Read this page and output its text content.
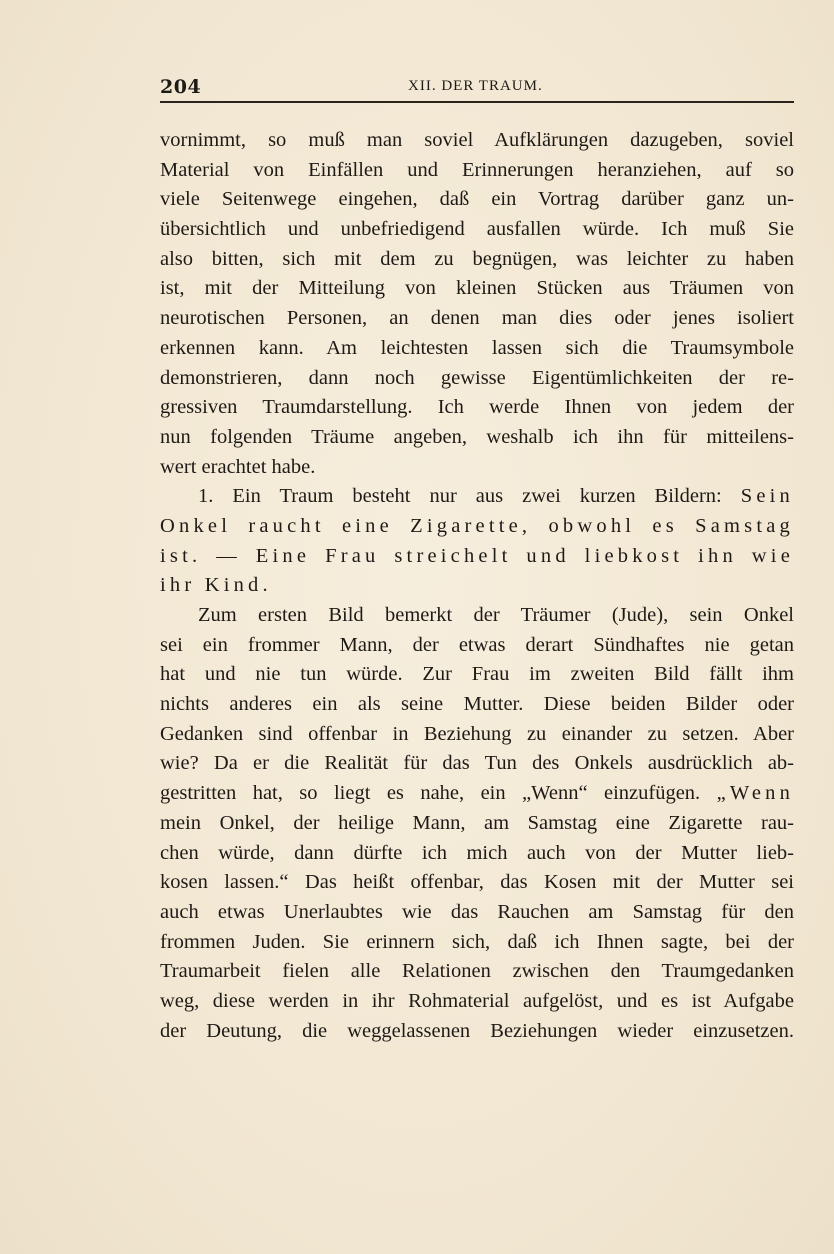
204	XII. DER TRAUM.
vornimmt, so muß man soviel Aufklärungen dazugeben, soviel
Material von Einfällen und Erinnerungen heranziehen, auf so
viele Seitenwege eingehen, daß ein Vortrag darüber ganz un-
übersichtlich und unbefriedigend ausfallen würde. Ich muß Sie
also bitten, sich mit dem zu begnügen, was leichter zu haben
ist, mit der Mitteilung von kleinen Stücken aus Träumen von
neurotischen Personen, an denen man dies oder jenes isoliert
erkennen kann. Am leichtesten lassen sich die Traumsymbole
demonstrieren, dann noch gewisse Eigentümlichkeiten der re-
gressiven Traumdarstellung. Ich werde Ihnen von jedem der
nun folgenden Träume angeben, weshalb ich ihn für mitteilens-
wert erachtet habe.
1. Ein Traum besteht nur aus zwei kurzen Bildern: Sein
Onkel raucht eine Zigarette, obwohl es Samstag
ist. — Eine Frau streichelt und liebkost ihn wie
ihr Kind.
Zum ersten Bild bemerkt der Träumer (Jude), sein Onkel
sei ein frommer Mann, der etwas derart Sündhaftes nie getan
hat und nie tun würde. Zur Frau im zweiten Bild fällt ihm
nichts anderes ein als seine Mutter. Diese beiden Bilder oder
Gedanken sind offenbar in Beziehung zu einander zu setzen. Aber
wie? Da er die Realität für das Tun des Onkels ausdrücklich ab-
gestritten hat, so liegt es nahe, ein „Wenn“ einzufügen. „Wenn
mein Onkel, der heilige Mann, am Samstag eine Zigarette rau-
chen würde, dann dürfte ich mich auch von der Mutter lieb-
kosen lassen.“ Das heißt offenbar, das Kosen mit der Mutter sei
auch etwas Unerlaubtes wie das Rauchen am Samstag für den
frommen Juden. Sie erinnern sich, daß ich Ihnen sagte, bei der
Traumarbeit fielen alle Relationen zwischen den Traumgedanken
weg, diese werden in ihr Rohmaterial aufgelöst, und es ist Aufgabe
der Deutung, die weggelassenen Beziehungen wieder einzusetzen.
